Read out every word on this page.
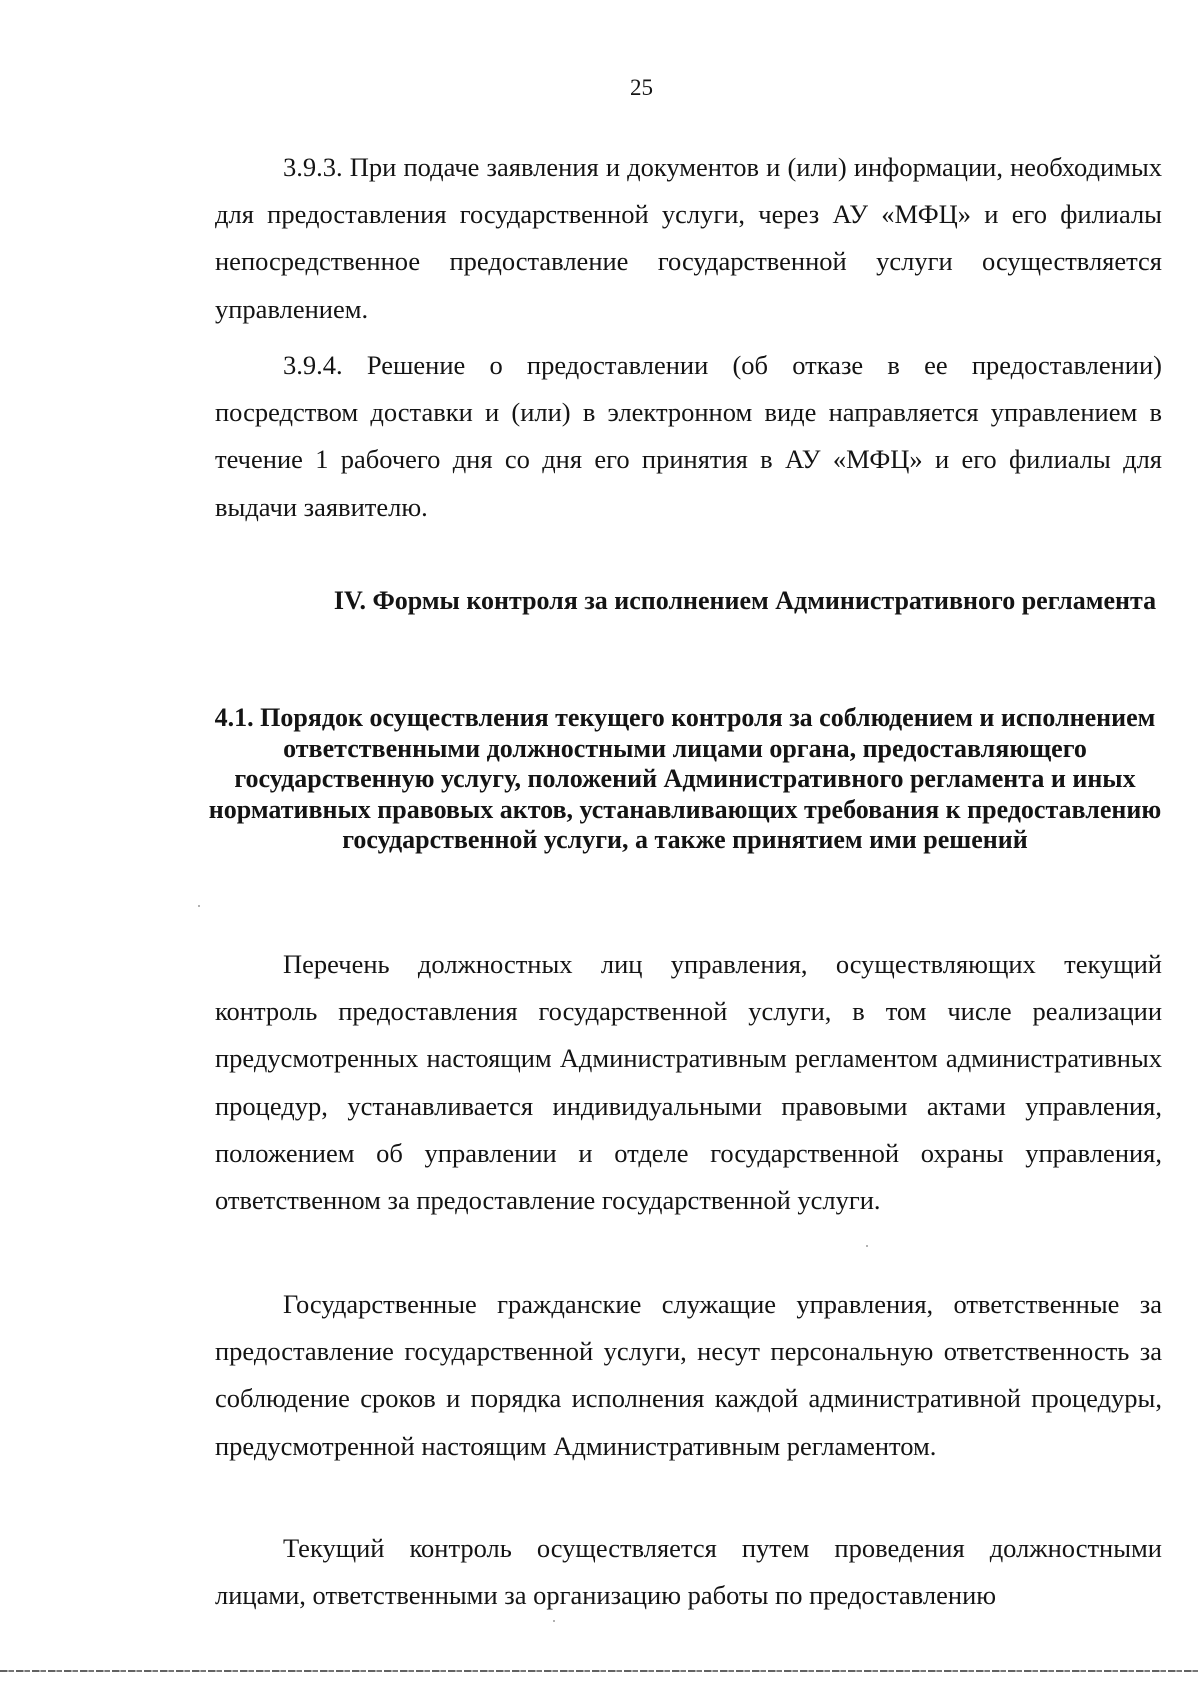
25

3.9.3. При подаче заявления и документов и (или) информации, необходимых для предоставления государственной услуги, через АУ «МФЦ» и его филиалы непосредственное предоставление государственной услуги осуществляется управлением.

3.9.4. Решение о предоставлении (об отказе в ее предоставлении) посредством доставки и (или) в электронном виде направляется управлением в течение 1 рабочего дня со дня его принятия в АУ «МФЦ» и его филиалы для выдачи заявителю.

IV. Формы контроля за исполнением Административного регламента
4.1. Порядок осуществления текущего контроля за соблюдением и исполнением ответственными должностными лицами органа, предоставляющего государственную услугу, положений Административного регламента и иных нормативных правовых актов, устанавливающих требования к предоставлению государственной услуги, а также принятием ими решений

Перечень должностных лиц управления, осуществляющих текущий контроль предоставления государственной услуги, в том числе реализации предусмотренных настоящим Административным регламентом административных процедур, устанавливается индивидуальными правовыми актами управления, положением об управлении и отделе государственной охраны управления, ответственном за предоставление государственной услуги.

Государственные гражданские служащие управления, ответственные за предоставление государственной услуги, несут персональную ответственность за соблюдение сроков и порядка исполнения каждой административной процедуры, предусмотренной настоящим Административным регламентом.

Текущий контроль осуществляется путем проведения должностными лицами, ответственными за организацию работы по предоставлению
